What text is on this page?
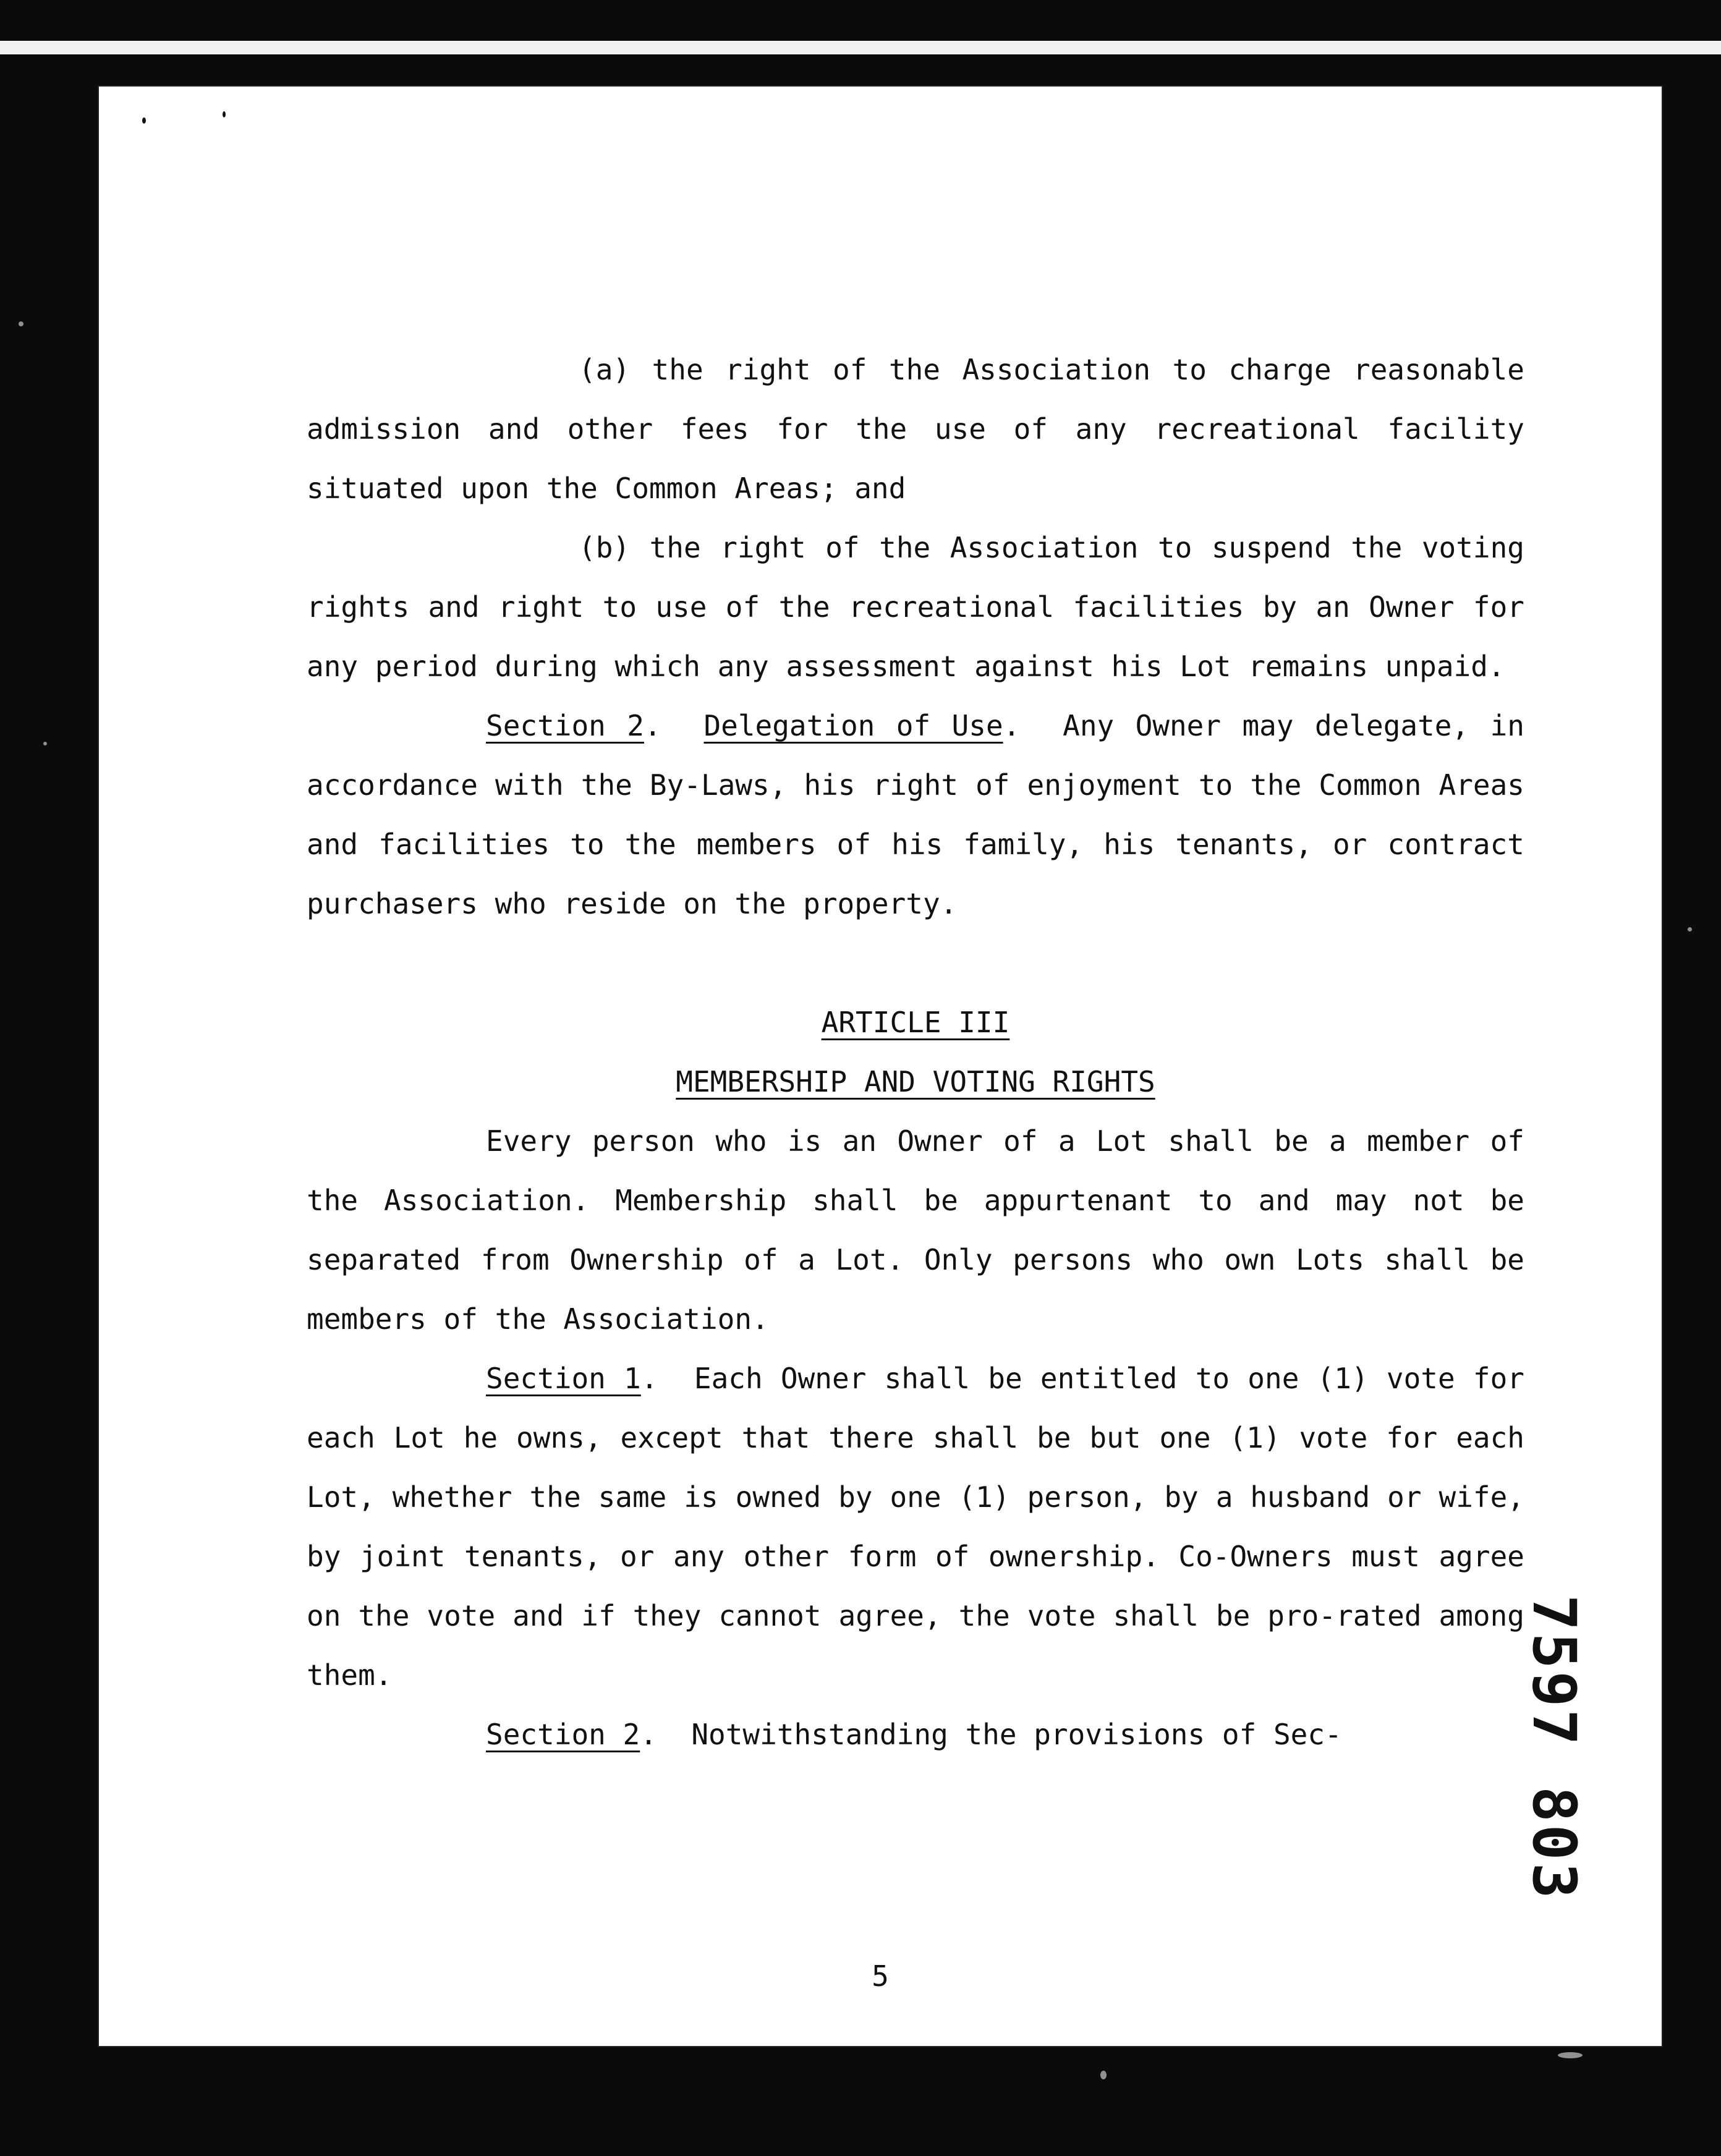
(a) the right of the Association to charge reasonable admission and other fees for the use of any recreational facility situated upon the Common Areas; and

(b) the right of the Association to suspend the voting rights and right to use of the recreational facilities by an Owner for any period during which any assessment against his Lot remains unpaid.

Section 2.  Delegation of Use.  Any Owner may delegate, in accordance with the By-Laws, his right of enjoyment to the Common Areas and facilities to the members of his family, his tenants, or contract purchasers who reside on the property.

ARTICLE III

MEMBERSHIP AND VOTING RIGHTS

Every person who is an Owner of a Lot shall be a member of the Association. Membership shall be appurtenant to and may not be separated from Ownership of a Lot. Only persons who own Lots shall be members of the Association.

Section 1.  Each Owner shall be entitled to one (1) vote for each Lot he owns, except that there shall be but one (1) vote for each Lot, whether the same is owned by one (1) person, by a husband or wife, by joint tenants, or any other form of ownership. Co-Owners must agree on the vote and if they cannot agree, the vote shall be pro-rated among them.

Section 2.  Notwithstanding the provisions of Sec-

5
7597
803
